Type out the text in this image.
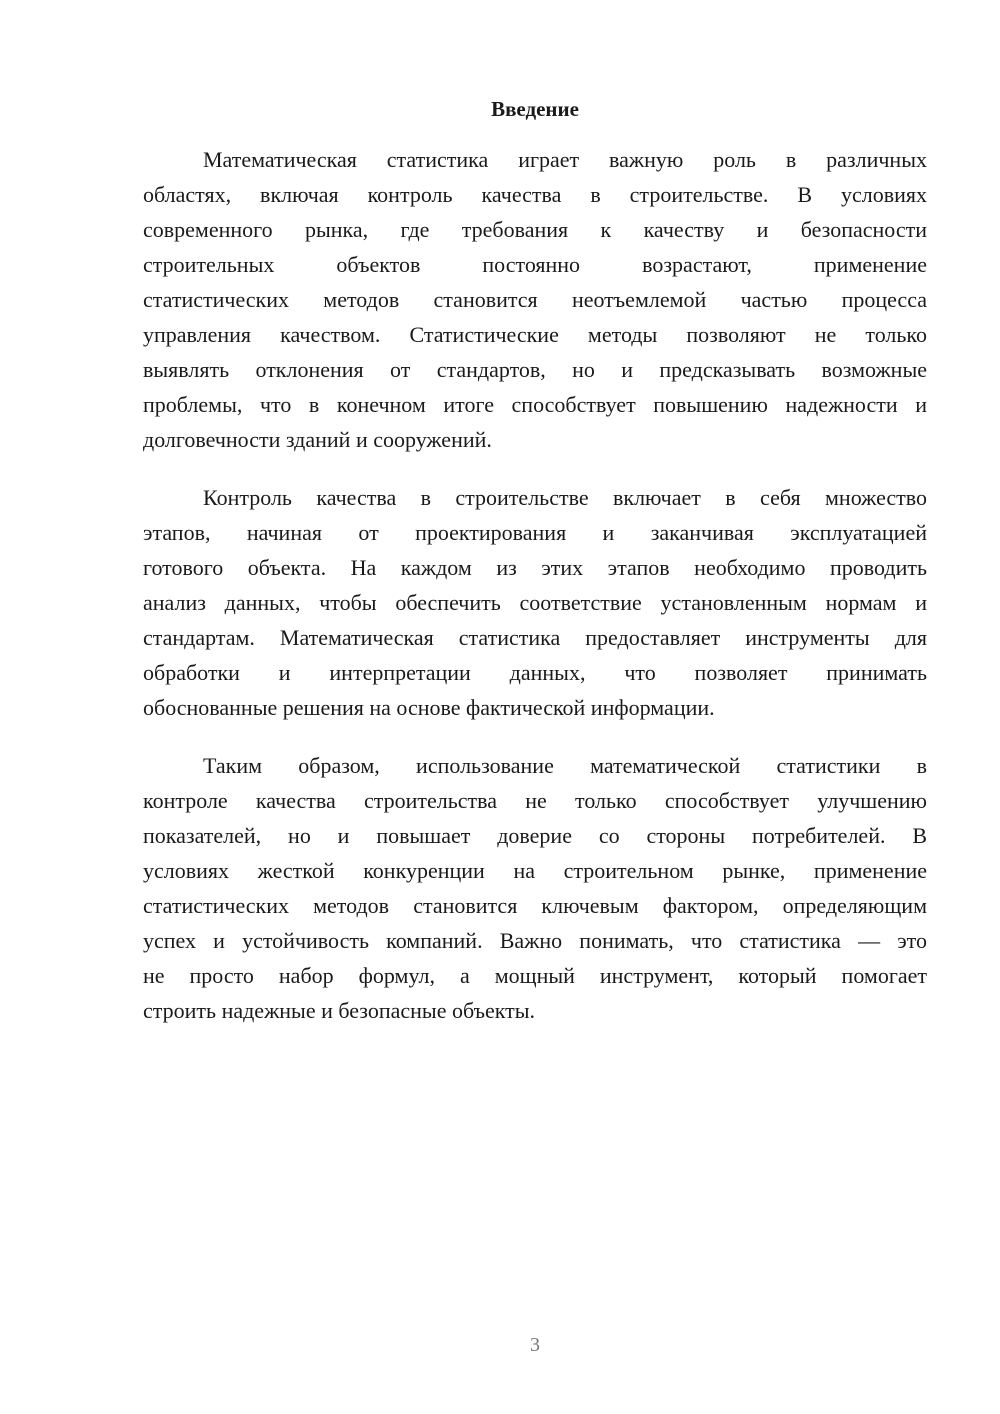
Введение
Математическая статистика играет важную роль в различных
областях, включая контроль качества в строительстве. В условиях
современного рынка, где требования к качеству и безопасности
строительных объектов постоянно возрастают, применение
статистических методов становится неотъемлемой частью процесса
управления качеством. Статистические методы позволяют не только
выявлять отклонения от стандартов, но и предсказывать возможные
проблемы, что в конечном итоге способствует повышению надежности и
долговечности зданий и сооружений.
Контроль качества в строительстве включает в себя множество
этапов, начиная от проектирования и заканчивая эксплуатацией
готового объекта. На каждом из этих этапов необходимо проводить
анализ данных, чтобы обеспечить соответствие установленным нормам и
стандартам. Математическая статистика предоставляет инструменты для
обработки и интерпретации данных, что позволяет принимать
обоснованные решения на основе фактической информации.
Таким образом, использование математической статистики в
контроле качества строительства не только способствует улучшению
показателей, но и повышает доверие со стороны потребителей. В
условиях жесткой конкуренции на строительном рынке, применение
статистических методов становится ключевым фактором, определяющим
успех и устойчивость компаний. Важно понимать, что статистика — это
не просто набор формул, а мощный инструмент, который помогает
строить надежные и безопасные объекты.
3
